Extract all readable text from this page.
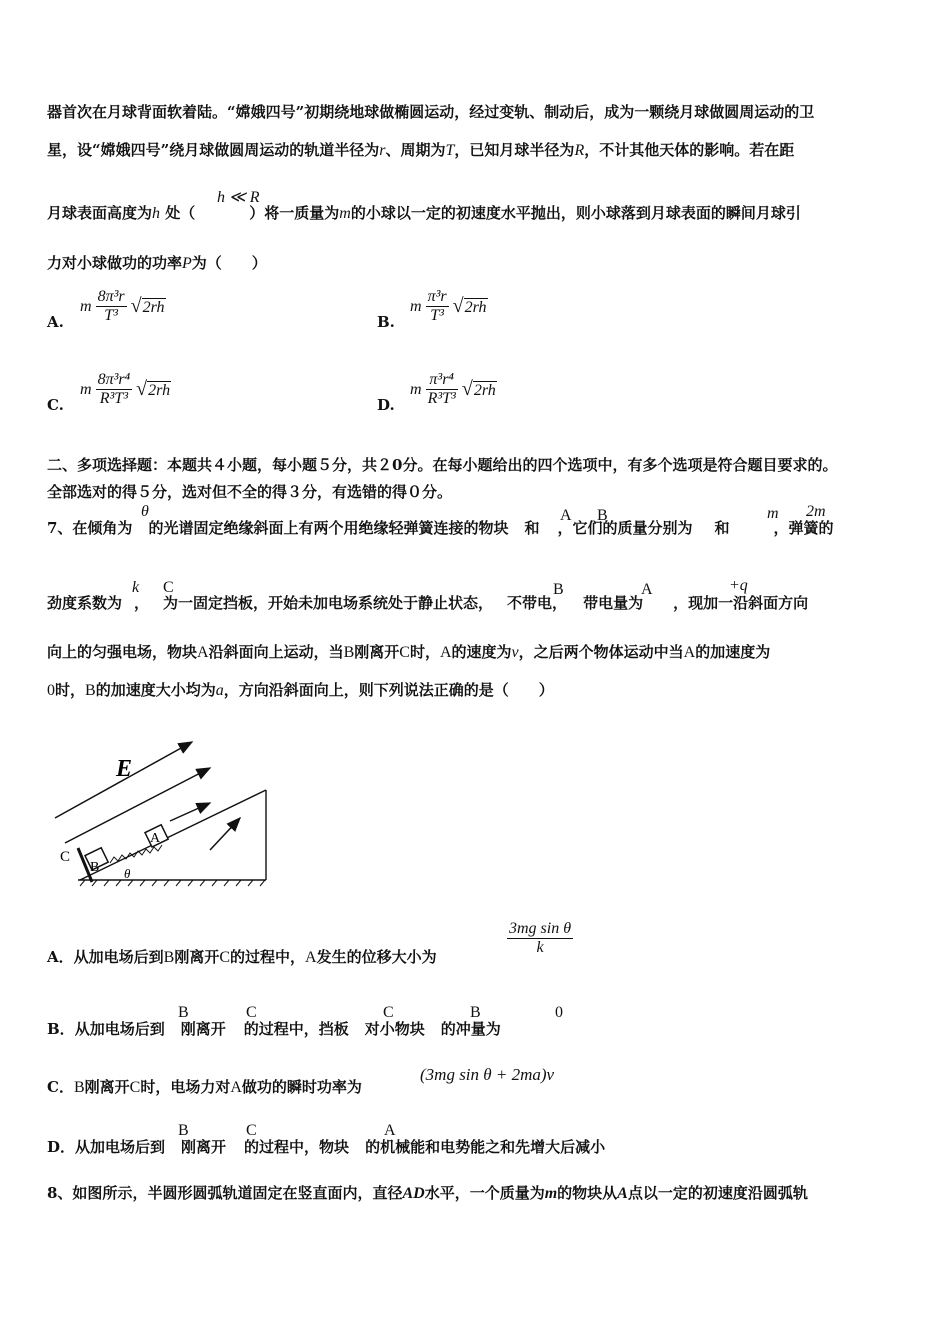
器首次在月球背面软着陆。“嫦娥四号”初期绕地球做椭圆运动，经过变轨、制动后，成为一颗绕月球做圆周运动的卫
星，设“嫦娥四号”绕月球做圆周运动的轨道半径为r、周期为T，已知月球半径为R，不计其他天体的影响。若在距
h ≪ R
月球表面高度为h 处（	）将一质量为m的小球以一定的初速度水平抛出，则小球落到月球表面的瞬间月球引
力对小球做功的功率P为（　　）
A.
m $\frac{\text{8π³r}}{\text{T³}}$ √ 2rh
B.
m $\frac{\text{π³r}}{\text{T³}}$ √ 2rh
C.
m $\frac{\text{8π³r⁴}}{\text{R³T³}}$ √ 2rh
D.
m $\frac{\text{π³r⁴}}{\text{R³T³}}$ √ 2rh
二、多项选择题：本题共４小题，每小题５分，共２0分。在每小题给出的四个选项中，有多个选项是符合题目要求的。
全部选对的得５分，选对但不全的得３分，有选错的得０分。
θ	A B	m 2m
7、在倾角为 的光谱固定绝缘斜面上有两个用绝缘轻弹簧连接的物块 和 ，它们的质量分别为 和	，弹簧的
k C	B	A	+q
劲度系数为 ， 为一固定挡板，开始未加电场系统处于静止状态， 不带电， 带电量为 ，现加一沿斜面方向
向上的匀强电场，物块A沿斜面向上运动，当B刚离开C时，A的速度为v，之后两个物体运动中当A的加速度为
0时，B的加速度大小均为a，方向沿斜面向上，则下列说法正确的是（　　）
E
A
B
C
θ
A．从加电场后到B刚离开C的过程中，A发生的位移大小为	$\frac{\text{3mg sin θ}}{k}$
B	C	C	B	0
B．从加电场后到 刚离开 的过程中，挡板 对小物块 的冲量为
C．B刚离开C时，电场力对A做功的瞬时功率为
(3mg sin θ + 2ma)v
B	C	A
D．从加电场后到 刚离开 的过程中，物块 的机械能和电势能之和先增大后减小
8、如图所示，半圆形圆弧轨道固定在竖直面内，直径AD水平，一个质量为m的物块从A点以一定的初速度沿圆弧轨
